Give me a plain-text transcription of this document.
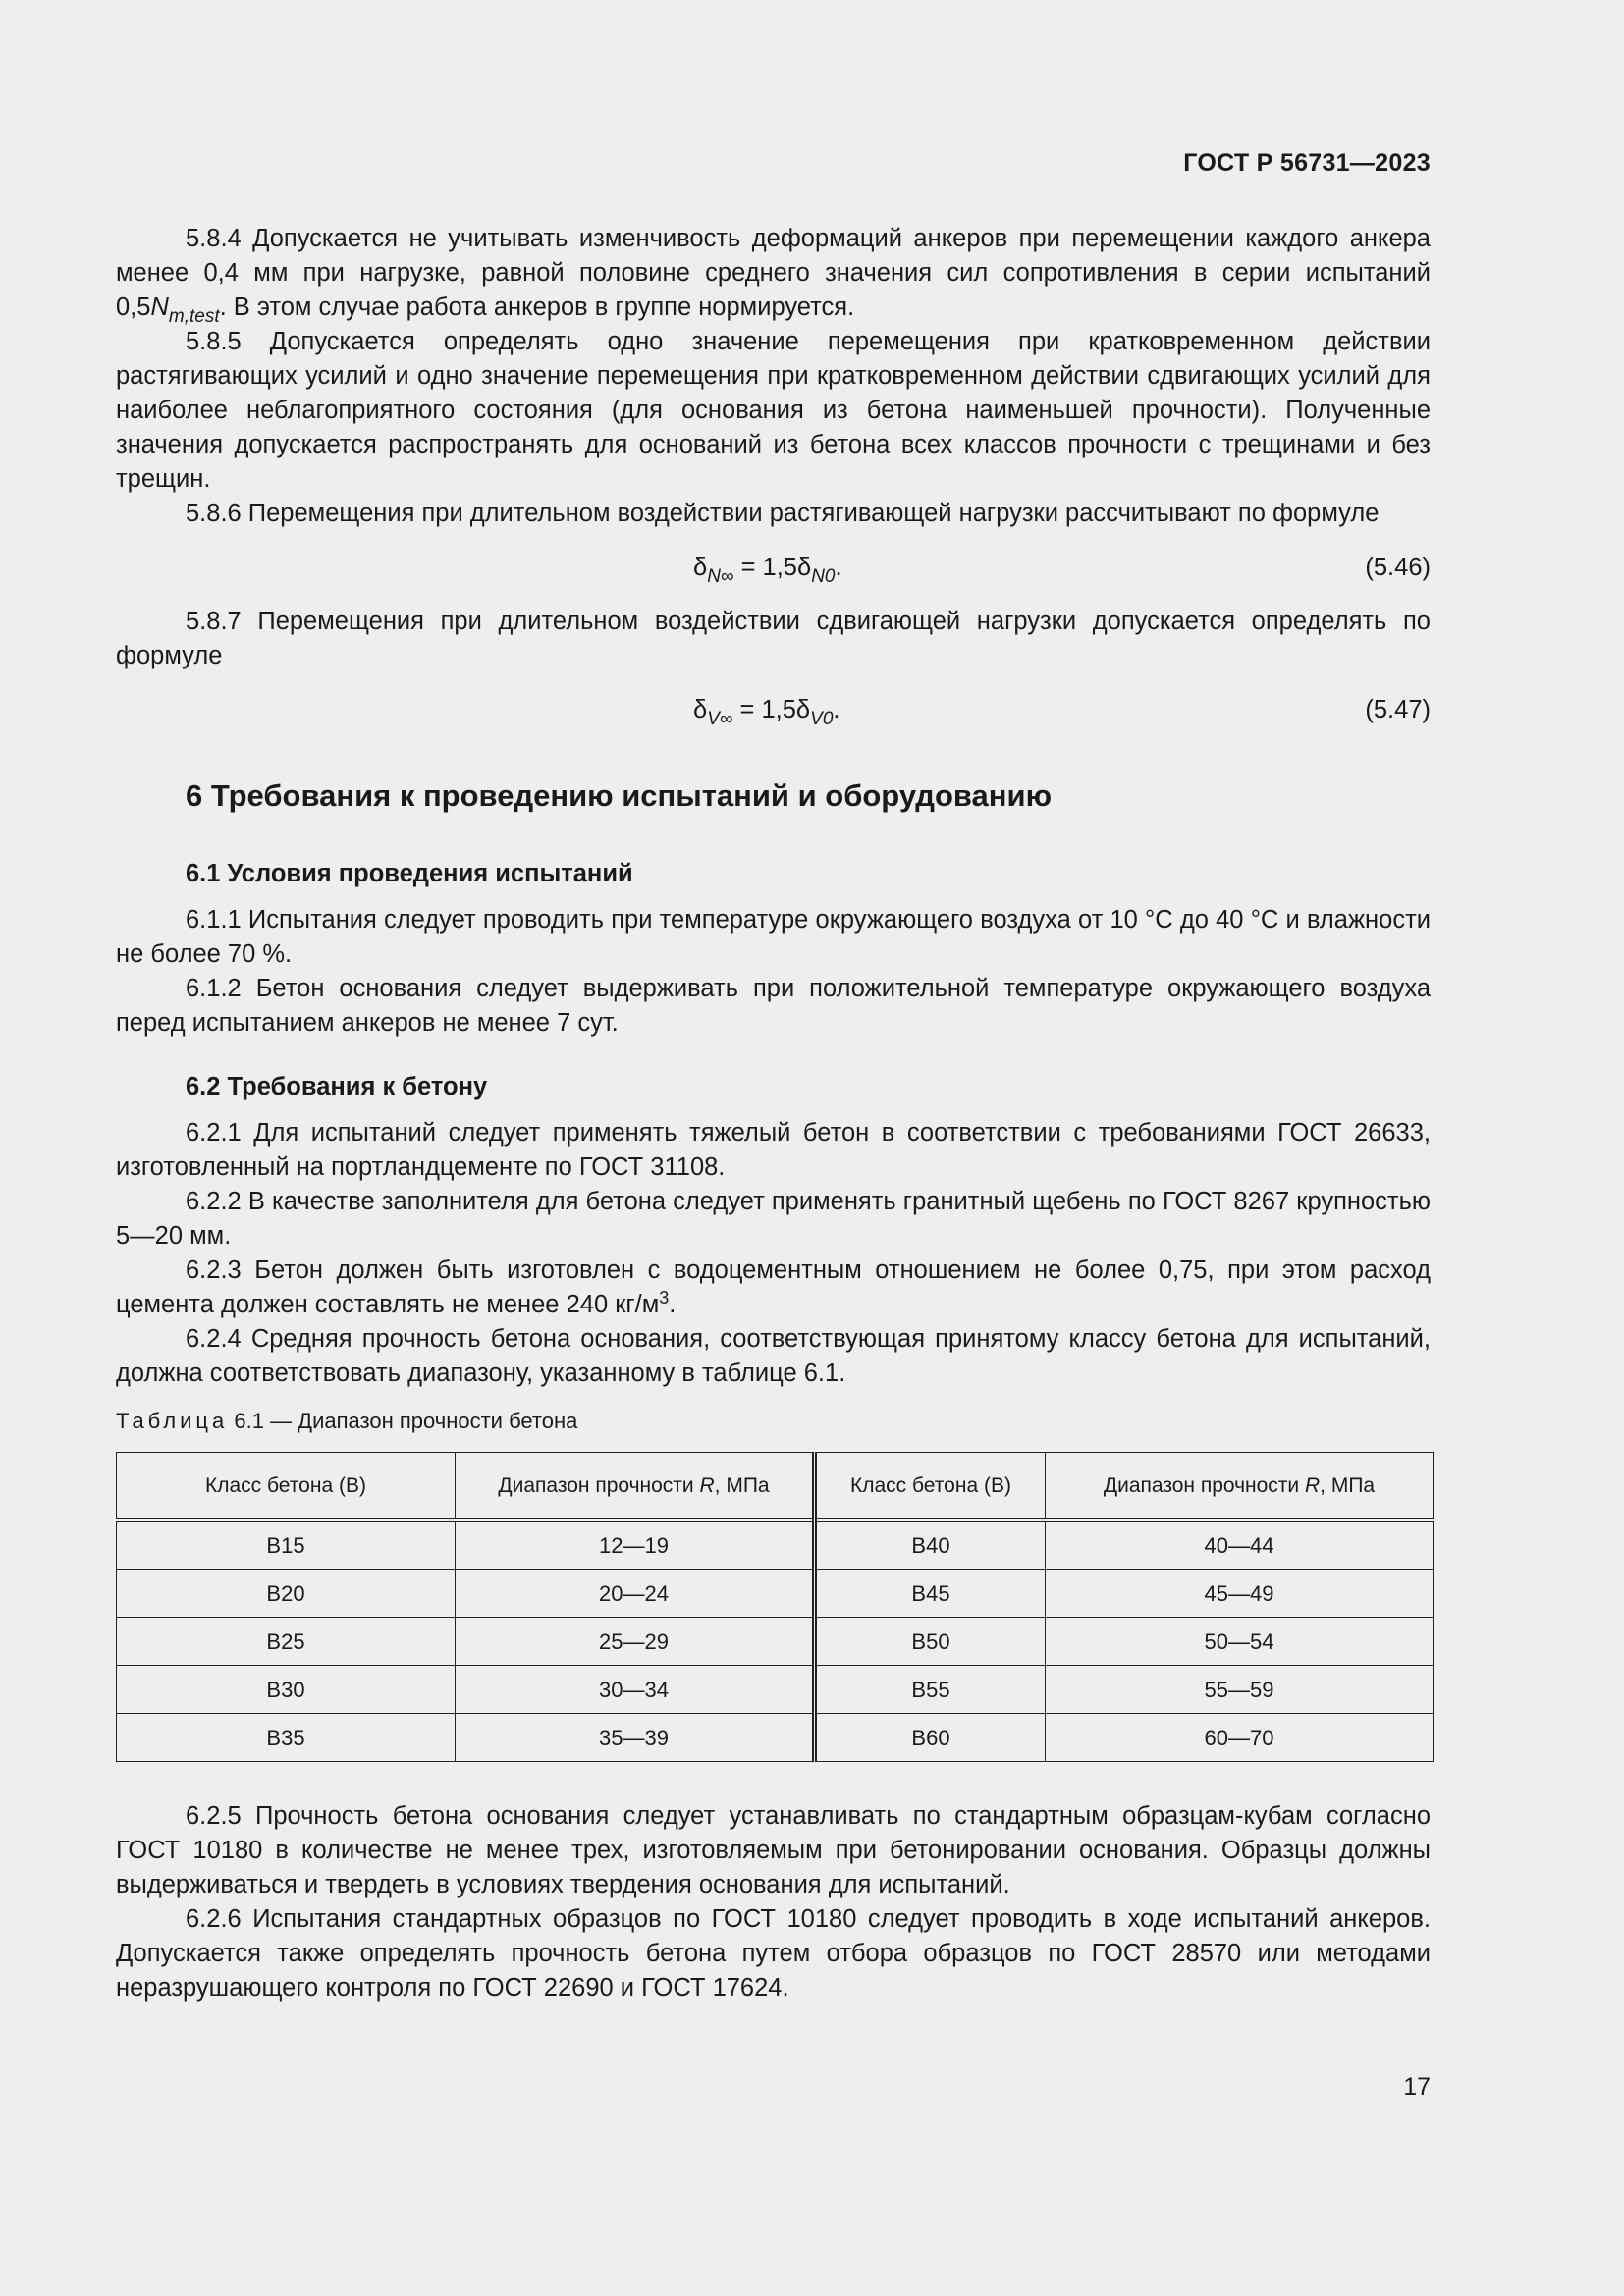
ГОСТ Р 56731—2023

5.8.4 Допускается не учитывать изменчивость деформаций анкеров при перемещении каждого анкера менее 0,4 мм при нагрузке, равной половине среднего значения сил сопротивления в серии испытаний $0,5N_{m,test}$. В этом случае работа анкеров в группе нормируется.

5.8.5 Допускается определять одно значение перемещения при кратковременном действии растягивающих усилий и одно значение перемещения при кратковременном действии сдвигающих усилий для наиболее неблагоприятного состояния (для основания из бетона наименьшей прочности). Полученные значения допускается распространять для оснований из бетона всех классов прочности с трещинами и без трещин.

5.8.6 Перемещения при длительном воздействии растягивающей нагрузки рассчитывают по формуле

$\delta_{N\infty} = 1,5\delta_{N0}$.	(5.46)

5.8.7 Перемещения при длительном воздействии сдвигающей нагрузки допускается определять по формуле

$\delta_{V\infty} = 1,5\delta_{V0}$.	(5.47)
6 Требования к проведению испытаний и оборудованию
6.1 Условия проведения испытаний

6.1.1 Испытания следует проводить при температуре окружающего воздуха от 10 °С до 40 °С и влажности не более 70 %.

6.1.2 Бетон основания следует выдерживать при положительной температуре окружающего воздуха перед испытанием анкеров не менее 7 сут.

6.2 Требования к бетону

6.2.1 Для испытаний следует применять тяжелый бетон в соответствии с требованиями ГОСТ 26633, изготовленный на портландцементе по ГОСТ 31108.

6.2.2 В качестве заполнителя для бетона следует применять гранитный щебень по ГОСТ 8267 крупностью 5—20 мм.

6.2.3 Бетон должен быть изготовлен с водоцементным отношением не более 0,75, при этом расход цемента должен составлять не менее 240 $кг/м^3$.

6.2.4 Средняя прочность бетона основания, соответствующая принятому классу бетона для испытаний, должна соответствовать диапазону, указанному в таблице 6.1.

Таблица 6.1 — Диапазон прочности бетона
Класс бетона (В)	Диапазон прочности R, МПа	Класс бетона (В)	Диапазон прочности R, МПа
В15	12—19	В40	40—44
В20	20—24	В45	45—49
В25	25—29	В50	50—54
В30	30—34	В55	55—59
В35	35—39	В60	60—70

6.2.5 Прочность бетона основания следует устанавливать по стандартным образцам-кубам согласно ГОСТ 10180 в количестве не менее трех, изготовляемым при бетонировании основания. Образцы должны выдерживаться и твердеть в условиях твердения основания для испытаний.

6.2.6 Испытания стандартных образцов по ГОСТ 10180 следует проводить в ходе испытаний анкеров. Допускается также определять прочность бетона путем отбора образцов по ГОСТ 28570 или методами неразрушающего контроля по ГОСТ 22690 и ГОСТ 17624.

17
